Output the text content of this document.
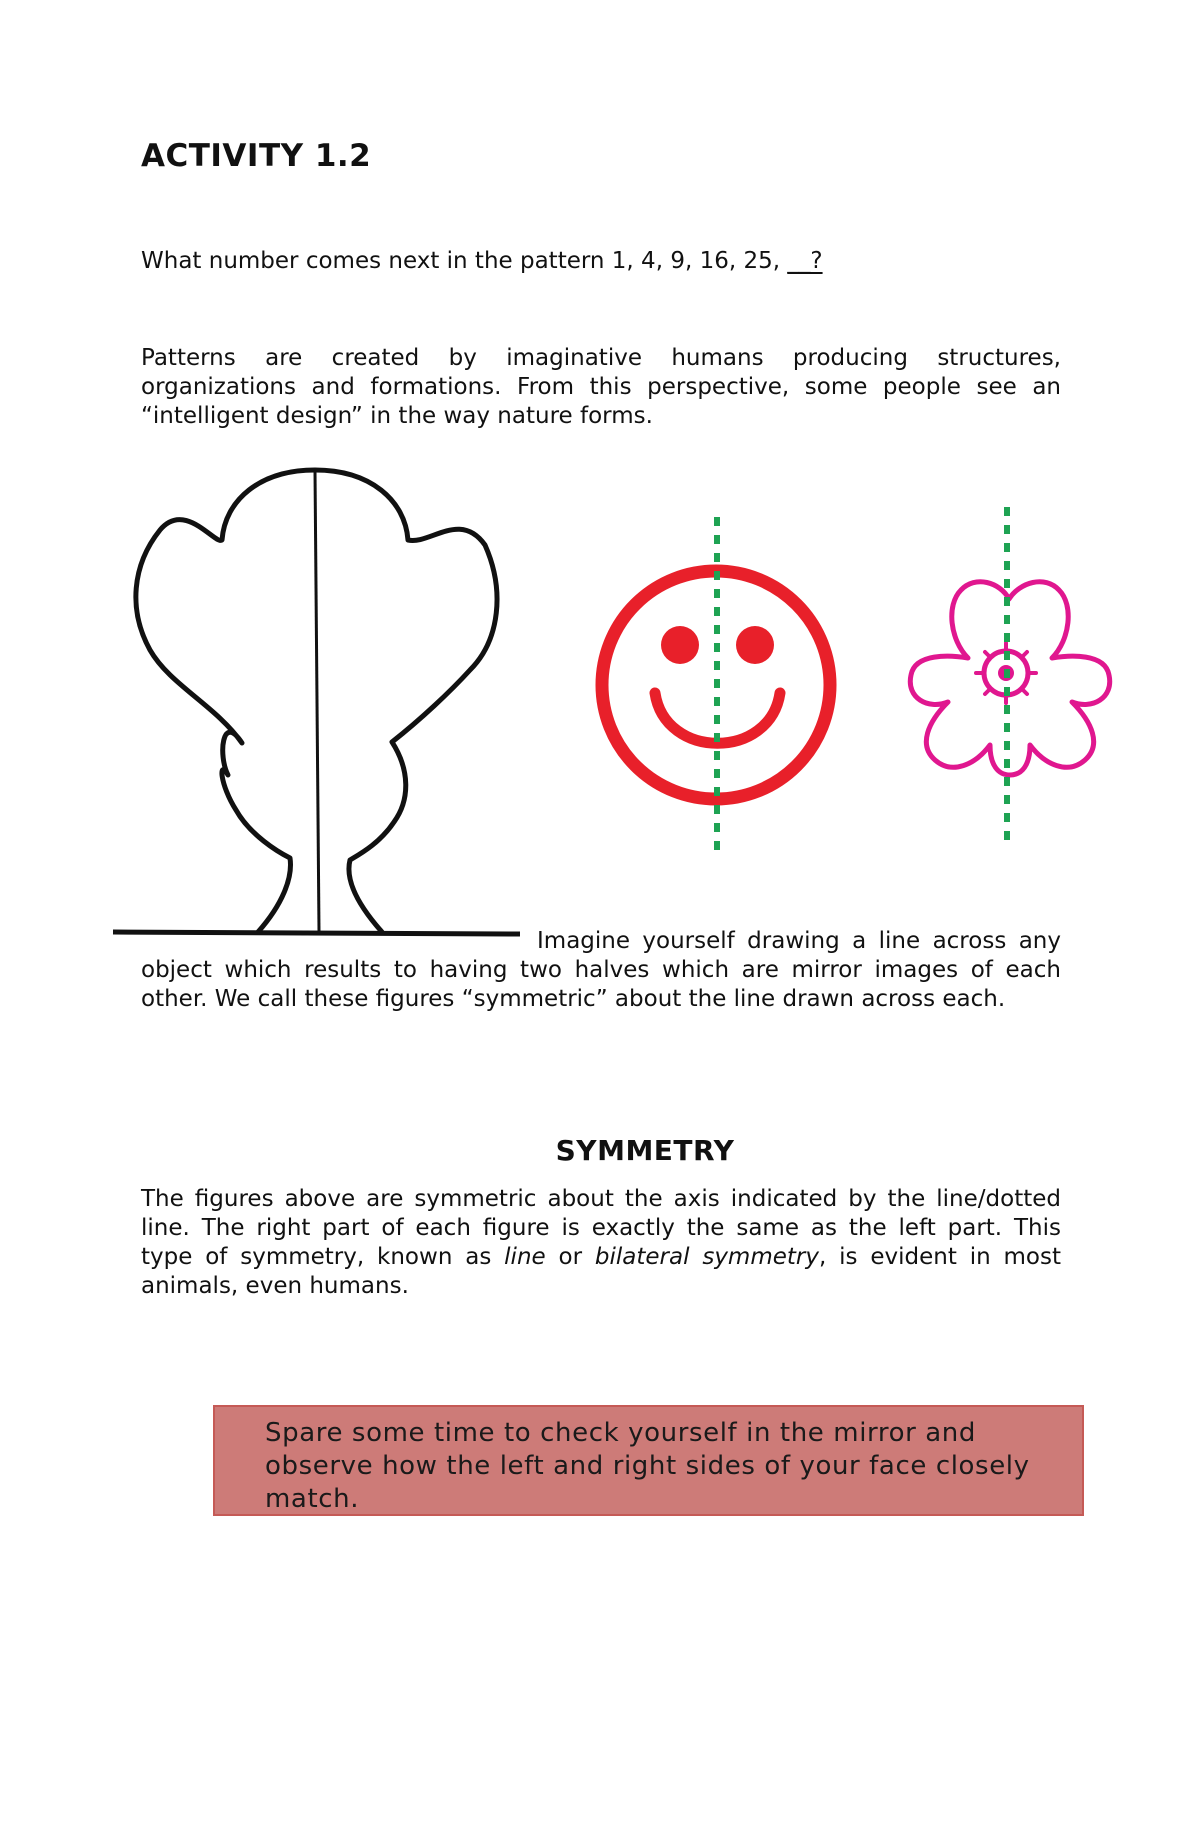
ACTIVITY 1.2

What number comes next in the pattern 1, 4, 9, 16, 25, __?

Patterns are created by imaginative humans producing structures,
organizations and formations. From this perspective, some people see an
“intelligent design” in the way nature forms.

Imagine yourself drawing a line across any
object which results to having two halves which are mirror images of each
other. We call these figures “symmetric” about the line drawn across each.

SYMMETRY

The figures above are symmetric about the axis indicated by the line/dotted
line. The right part of each figure is exactly the same as the left part. This
type of symmetry, known as line or bilateral symmetry, is evident in most
animals, even humans.

Spare some time to check yourself in the mirror and observe how the left and right sides of your face closely match.
